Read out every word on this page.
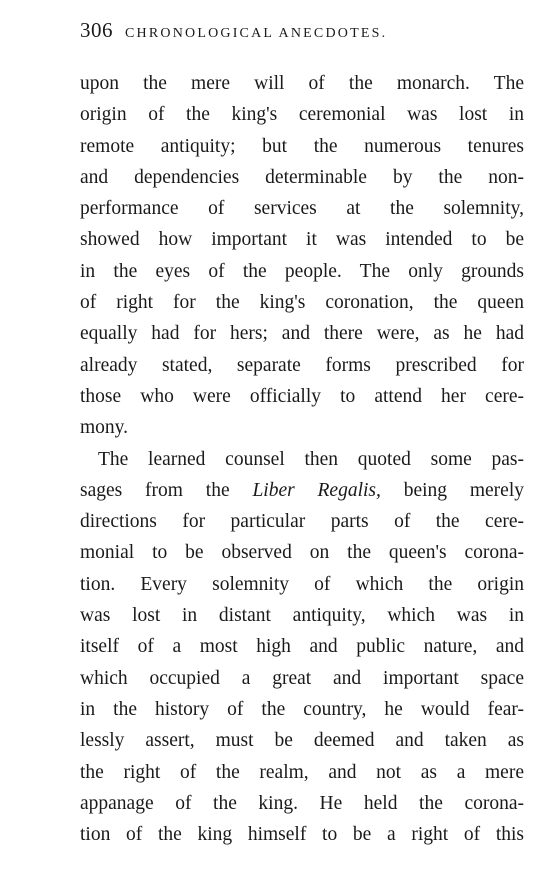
306 CHRONOLOGICAL ANECDOTES.
upon the mere will of the monarch. The
origin of the king's ceremonial was lost in
remote antiquity; but the numerous tenures
and dependencies determinable by the non-
performance of services at the solemnity,
showed how important it was intended to be
in the eyes of the people. The only grounds
of right for the king's coronation, the queen
equally had for hers; and there were, as he had
already stated, separate forms prescribed for
those who were officially to attend her cere-
mony.
The learned counsel then quoted some pas-
sages from the Liber Regalis, being merely
directions for particular parts of the cere-
monial to be observed on the queen's corona-
tion. Every solemnity of which the origin
was lost in distant antiquity, which was in
itself of a most high and public nature, and
which occupied a great and important space
in the history of the country, he would fear-
lessly assert, must be deemed and taken as
the right of the realm, and not as a mere
appanage of the king. He held the corona-
tion of the king himself to be a right of this
